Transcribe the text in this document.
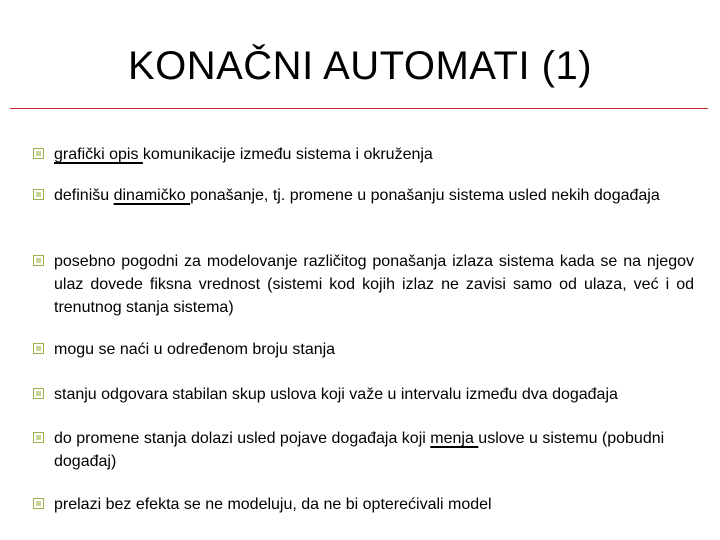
KONAČNI AUTOMATI (1)
grafički opis komunikacije između sistema i okruženja
definišu dinamičko ponašanje, tj. promene u ponašanju sistema usled nekih događaja
posebno pogodni za modelovanje različitog ponašanja izlaza sistema kada se na njegov ulaz dovede fiksna vrednost (sistemi kod kojih izlaz ne zavisi samo od ulaza, već i od trenutnog stanja sistema)
mogu se naći u određenom broju stanja
stanju odgovara stabilan skup uslova koji važe u intervalu između dva događaja
do promene stanja dolazi usled pojave događaja koji menja uslove u sistemu (pobudni događaj)
prelazi bez efekta se ne modeluju, da ne bi opterećivali model
